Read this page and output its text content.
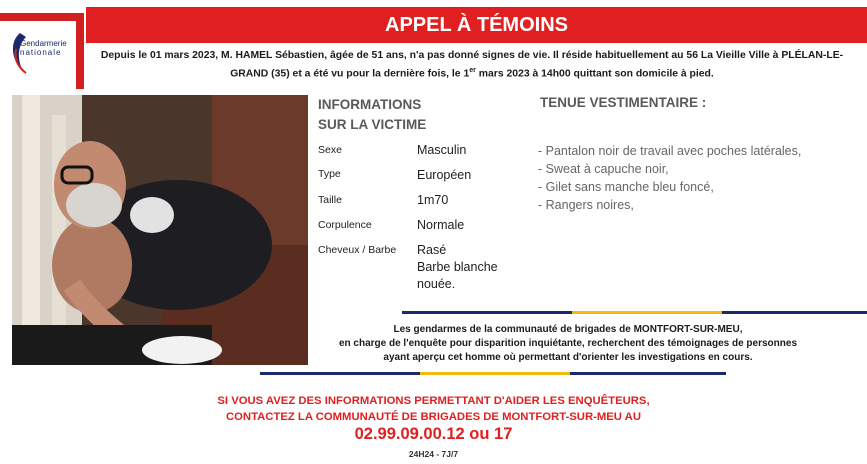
Gendarmerie
nationale
APPEL À TÉMOINS
Depuis le 01 mars 2023, M. HAMEL Sébastien, âgée de 51 ans, n'a pas donné signes de vie. Il réside habituellement au 56 La Vieille Ville à PLÉLAN-LE-
GRAND (35) et a été vu pour la dernière fois, le 1er mars 2023 à 14h00 quittant son domicile à pied.
INFORMATIONS
SUR LA VICTIME
Sexe	Masculin
Type	Européen
Taille	1m70
Corpulence	Normale
Cheveux / Barbe Rasé
Barbe blanche
nouée.
TENUE VESTIMENTAIRE :
- Pantalon noir de travail avec poches latérales,
- Sweat à capuche noir,
- Gilet sans manche bleu foncé,
- Rangers noires,
Les gendarmes de la communauté de brigades de MONTFORT-SUR-MEU,
en charge de l'enquête pour disparition inquiétante, recherchent des témoignages de personnes
ayant aperçu cet homme où permettant d'orienter les investigations en cours.
SI VOUS AVEZ DES INFORMATIONS PERMETTANT D'AIDER LES ENQUÊTEURS,
CONTACTEZ LA COMMUNAUTÉ DE BRIGADES DE MONTFORT-SUR-MEU AU
02.99.09.00.12 ou 17
24H24 - 7J/7
